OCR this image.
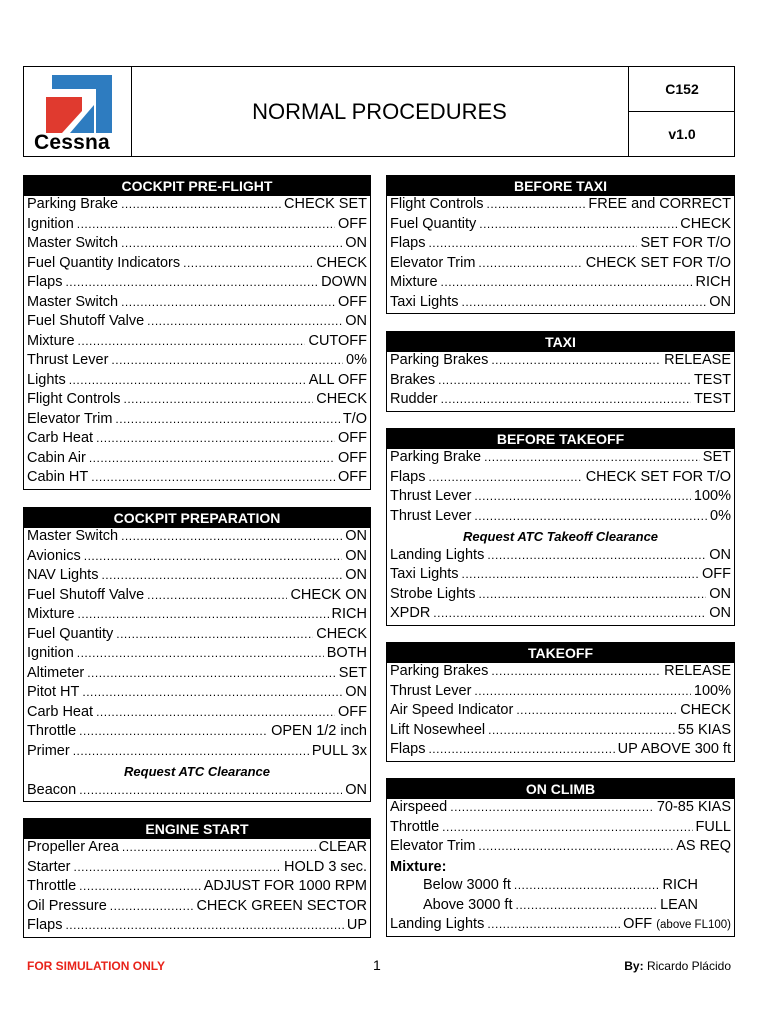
Cessna
NORMAL PROCEDURES
C152
v1.0
COCKPIT PRE-FLIGHT
Parking Brake .....	CHECK SET
Ignition .....	OFF
Master Switch .....	ON
Fuel Quantity Indicators .....	CHECK
Flaps .....	DOWN
Master Switch .....	OFF
Fuel Shutoff Valve .....	ON
Mixture .....	CUTOFF
Thrust Lever .....	0%
Lights .....	ALL OFF
Flight Controls .....	CHECK
Elevator Trim .....	T/O
Carb Heat .....	OFF
Cabin Air .....	OFF
Cabin HT .....	OFF
COCKPIT PREPARATION
Master Switch .....	ON
Avionics .....	ON
NAV Lights .....	ON
Fuel Shutoff Valve .....	CHECK ON
Mixture .....	RICH
Fuel Quantity .....	CHECK
Ignition .....	BOTH
Altimeter .....	SET
Pitot HT .....	ON
Carb Heat .....	OFF
Throttle .....	OPEN 1/2 inch
Primer .....	PULL 3x
Request ATC Clearance
Beacon .....	ON
ENGINE START
Propeller Area .....	CLEAR
Starter .....	HOLD 3 sec.
Throttle .....	ADJUST FOR 1000 RPM
Oil Pressure .....	CHECK GREEN SECTOR
Flaps .....	UP
BEFORE TAXI
Flight Controls .....	FREE and CORRECT
Fuel Quantity .....	CHECK
Flaps .....	SET FOR T/O
Elevator Trim .....	CHECK SET FOR T/O
Mixture .....	RICH
Taxi Lights .....	ON
TAXI
Parking Brakes .....	RELEASE
Brakes .....	TEST
Rudder .....	TEST
BEFORE TAKEOFF
Parking Brake .....	SET
Flaps .....	CHECK SET FOR T/O
Thrust Lever .....	100%
Thrust Lever .....	0%
Request ATC Takeoff Clearance
Landing Lights .....	ON
Taxi Lights .....	OFF
Strobe Lights .....	ON
XPDR .....	ON
TAKEOFF
Parking Brakes .....	RELEASE
Thrust Lever .....	100%
Air Speed Indicator .....	CHECK
Lift Nosewheel .....	55 KIAS
Flaps .....	UP ABOVE 300 ft
ON CLIMB
Airspeed .....	70-85 KIAS
Throttle .....	FULL
Elevator Trim .....	AS REQ
Mixture:
Below 3000 ft .....	RICH
Above 3000 ft .....	LEAN
Landing Lights .....	OFF (above FL100)
FOR SIMULATION ONLY	1	By: Ricardo Plácido
